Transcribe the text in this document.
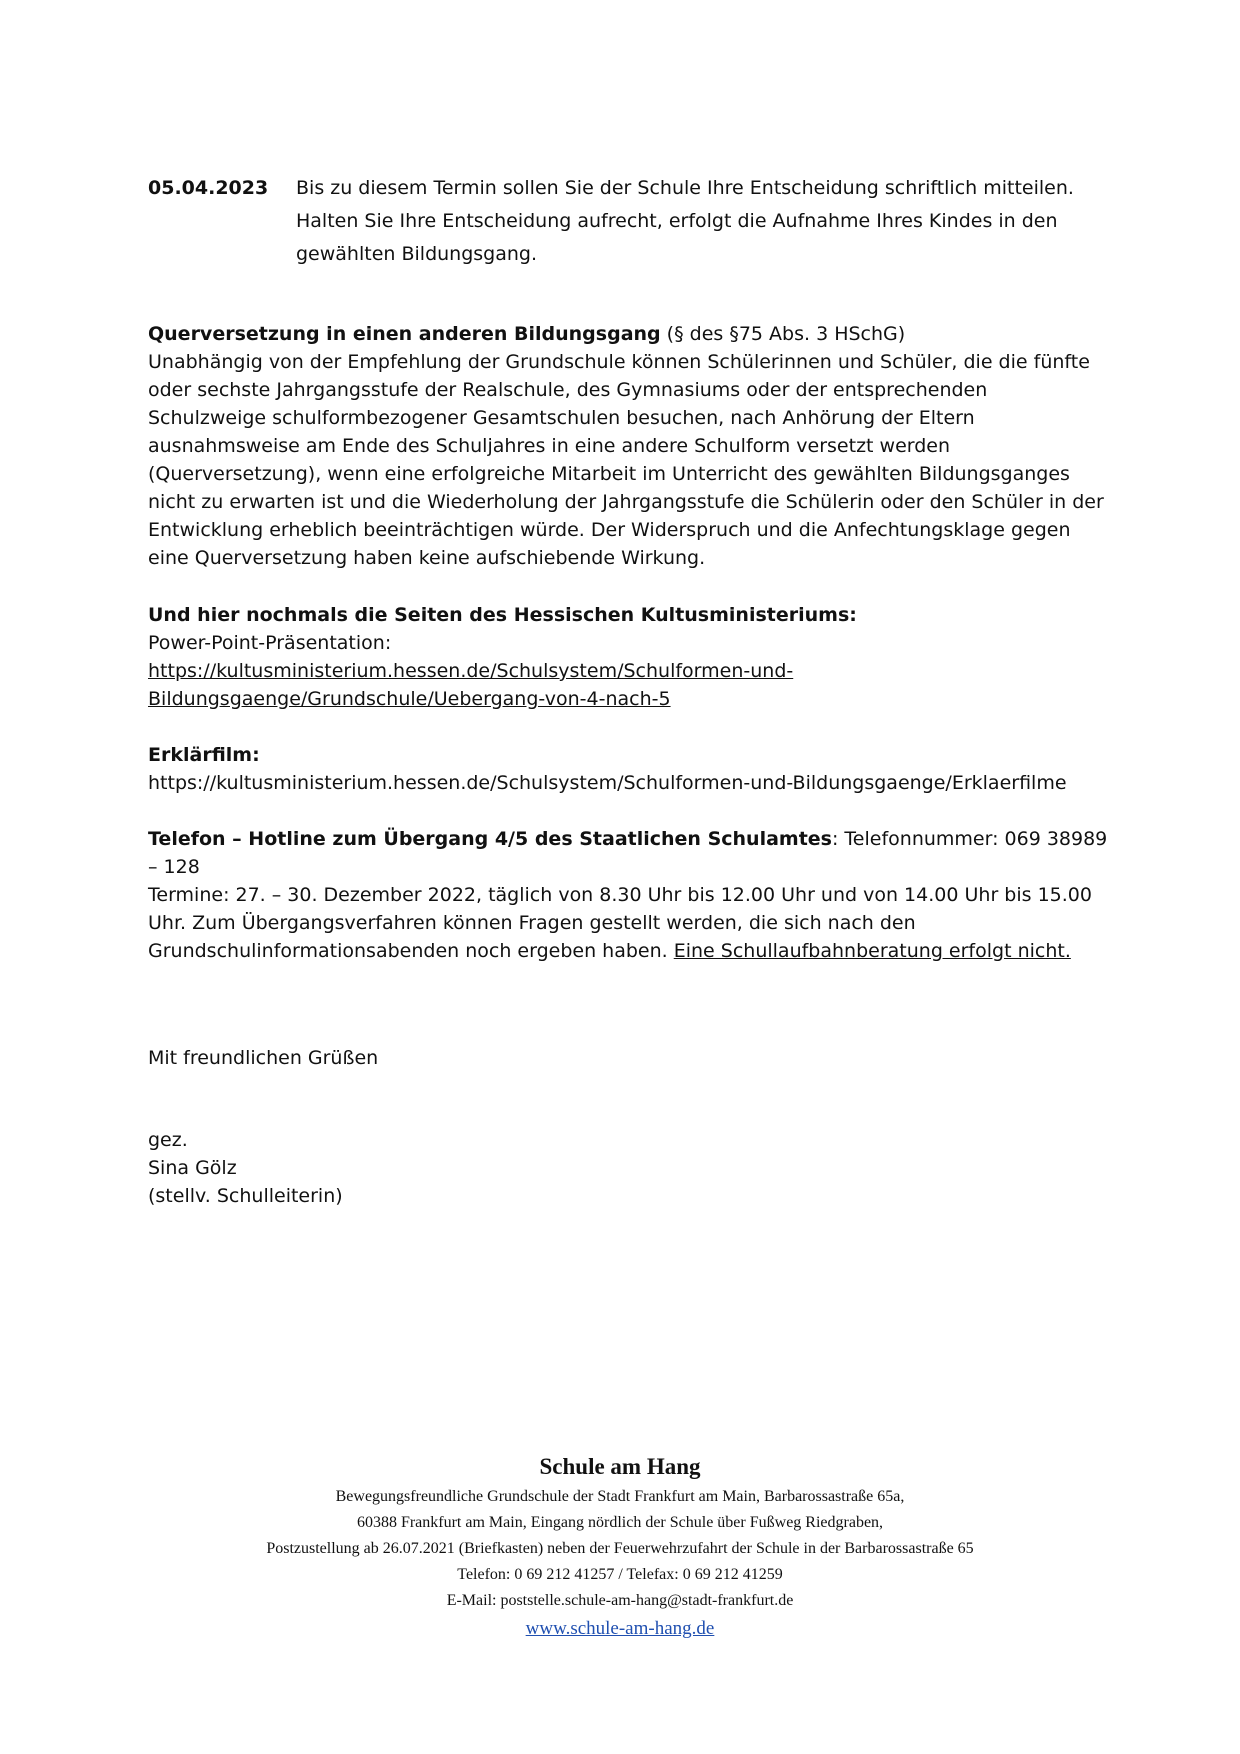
05.04.2023 Bis zu diesem Termin sollen Sie der Schule Ihre Entscheidung schriftlich mitteilen. Halten Sie Ihre Entscheidung aufrecht, erfolgt die Aufnahme Ihres Kindes in den gewählten Bildungsgang.

Querversetzung in einen anderen Bildungsgang (§ des §75 Abs. 3 HSchG)

Unabhängig von der Empfehlung der Grundschule können Schülerinnen und Schüler, die die fünfte oder sechste Jahrgangsstufe der Realschule, des Gymnasiums oder der entsprechenden Schulzweige schulformbezogener Gesamtschulen besuchen, nach Anhörung der Eltern ausnahmsweise am Ende des Schuljahres in eine andere Schulform versetzt werden (Querversetzung), wenn eine erfolgreiche Mitarbeit im Unterricht des gewählten Bildungsganges nicht zu erwarten ist und die Wiederholung der Jahrgangsstufe die Schülerin oder den Schüler in der Entwicklung erheblich beeinträchtigen würde. Der Widerspruch und die Anfechtungsklage gegen eine Querversetzung haben keine aufschiebende Wirkung.

Und hier nochmals die Seiten des Hessischen Kultusministeriums:

Power-Point-Präsentation:

https://kultusministerium.hessen.de/Schulsystem/Schulformen-und-

Bildungsgaenge/Grundschule/Uebergang-von-4-nach-5

Erklärfilm:

https://kultusministerium.hessen.de/Schulsystem/Schulformen-und-Bildungsgaenge/Erklaerfilme

Telefon – Hotline zum Übergang 4/5 des Staatlichen Schulamtes: Telefonnummer: 069 38989 – 128

Termine: 27. – 30. Dezember 2022, täglich von 8.30 Uhr bis 12.00 Uhr und von 14.00 Uhr bis 15.00 Uhr. Zum Übergangsverfahren können Fragen gestellt werden, die sich nach den Grundschulinformationsabenden noch ergeben haben. Eine Schullaufbahnberatung erfolgt nicht.

Mit freundlichen Grüßen

gez.

Sina Gölz

(stellv. Schulleiterin)

Schule am Hang
Bewegungsfreundliche Grundschule der Stadt Frankfurt am Main, Barbarossastraße 65a,
60388 Frankfurt am Main, Eingang nördlich der Schule über Fußweg Riedgraben,
Postzustellung ab 26.07.2021 (Briefkasten) neben der Feuerwehrzufahrt der Schule in der Barbarossastraße 65
Telefon: 0 69 212 41257 / Telefax: 0 69 212 41259
E-Mail: poststelle.schule-am-hang@stadt-frankfurt.de
www.schule-am-hang.de
